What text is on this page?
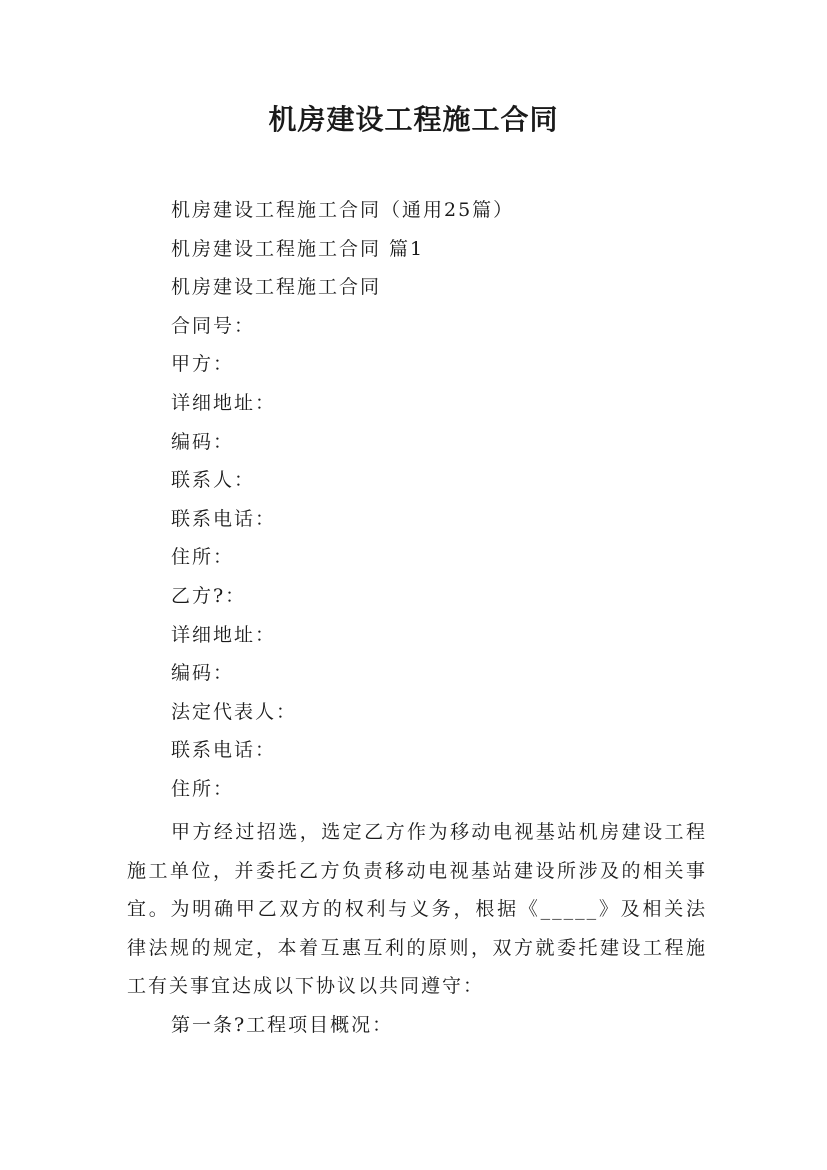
机房建设工程施工合同
机房建设工程施工合同（通用25篇）
机房建设工程施工合同 篇1
机房建设工程施工合同
合同号：
甲方：
详细地址：
编码：
联系人：
联系电话：
住所：
乙方?：
详细地址：
编码：
法定代表人：
联系电话：
住所：
甲方经过招选，选定乙方作为移动电视基站机房建设工程施工单位，并委托乙方负责移动电视基站建设所涉及的相关事宜。为明确甲乙双方的权利与义务，根据《_____》及相关法律法规的规定，本着互惠互利的原则，双方就委托建设工程施工有关事宜达成以下协议以共同遵守：
第一条?工程项目概况：
